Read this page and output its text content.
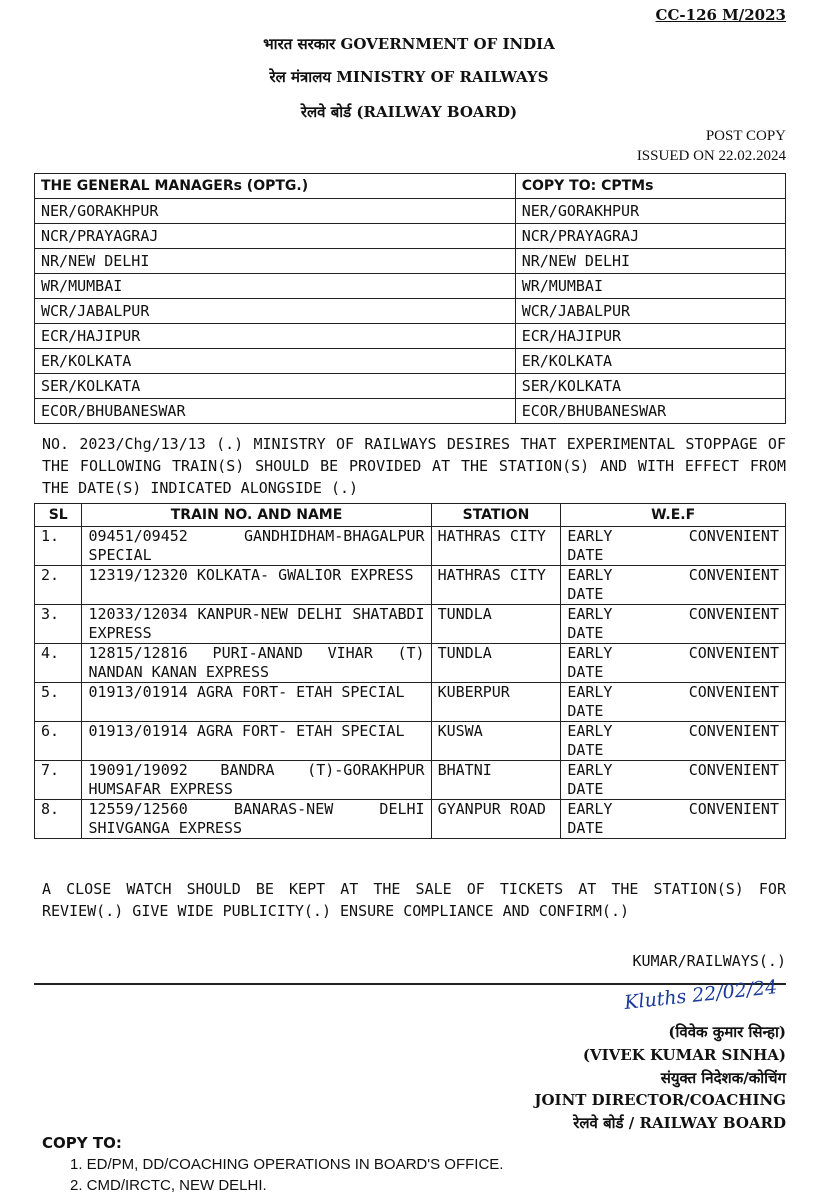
CC-126 M/2023
भारत सरकार GOVERNMENT OF INDIA
रेल मंत्रालय MINISTRY OF RAILWAYS
रेलवे बोर्ड (RAILWAY BOARD)
POST COPY
ISSUED ON 22.02.2024
THE GENERAL MANAGERs (OPTG.)	COPY TO: CPTMs
NER/GORAKHPUR	NER/GORAKHPUR
NCR/PRAYAGRAJ	NCR/PRAYAGRAJ
NR/NEW DELHI	NR/NEW DELHI
WR/MUMBAI	WR/MUMBAI
WCR/JABALPUR	WCR/JABALPUR
ECR/HAJIPUR	ECR/HAJIPUR
ER/KOLKATA	ER/KOLKATA
SER/KOLKATA	SER/KOLKATA
ECOR/BHUBANESWAR	ECOR/BHUBANESWAR
NO. 2023/Chg/13/13 (.) MINISTRY OF RAILWAYS DESIRES THAT EXPERIMENTAL STOPPAGE OF THE FOLLOWING TRAIN(S) SHOULD BE PROVIDED AT THE STATION(S) AND WITH EFFECT FROM THE DATE(S) INDICATED ALONGSIDE (.)
SL	TRAIN NO. AND NAME	STATION	W.E.F
1.	09451/09452 GANDHIDHAM-BHAGALPUR SPECIAL	HATHRAS CITY	EARLY CONVENIENT
DATE

2.	12319/12320 KOLKATA- GWALIOR EXPRESS	HATHRAS CITY	EARLY CONVENIENT
DATE

3.	12033/12034 KANPUR-NEW DELHI SHATABDI EXPRESS	TUNDLA	EARLY CONVENIENT
DATE

4.	12815/12816 PURI-ANAND VIHAR (T) NANDAN KANAN EXPRESS	TUNDLA	EARLY CONVENIENT
DATE

5.	01913/01914 AGRA FORT- ETAH SPECIAL	KUBERPUR	EARLY CONVENIENT
DATE

6.	01913/01914 AGRA FORT- ETAH SPECIAL	KUSWA	EARLY CONVENIENT
DATE

7.	19091/19092 BANDRA (T)-GORAKHPUR HUMSAFAR EXPRESS	BHATNI	EARLY CONVENIENT
DATE

8.	12559/12560 BANARAS-NEW DELHI SHIVGANGA EXPRESS	GYANPUR ROAD	EARLY CONVENIENT
DATE
A CLOSE WATCH SHOULD BE KEPT AT THE SALE OF TICKETS AT THE STATION(S) FOR REVIEW(.) GIVE WIDE PUBLICITY(.) ENSURE COMPLIANCE AND CONFIRM(.)
KUMAR/RAILWAYS(.)
Kluths 22/02/24
(विवेक कुमार सिन्हा)
(VIVEK KUMAR SINHA)
संयुक्त निदेशक/कोचिंग
JOINT DIRECTOR/COACHING
रेलवे बोर्ड / RAILWAY BOARD
COPY TO:
1. ED/PM, DD/COACHING OPERATIONS IN BOARD'S OFFICE.
2. CMD/IRCTC, NEW DELHI.
